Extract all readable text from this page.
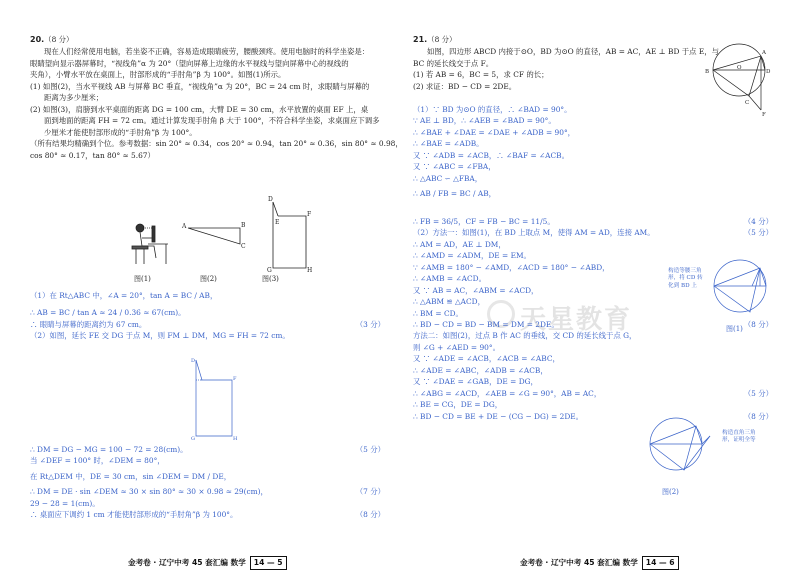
20.（8 分）

现在人们经常使用电脑，若坐姿不正确，容易造成眼睛疲劳，腰酸颈疼。使用电脑时的科学坐姿是：

眼睛望向显示器屏幕时，“视线角”α 为 20°（望向屏幕上边缘的水平视线与望向屏幕中心的视线的

夹角），小臂水平放在桌面上，肘部形成的“手肘角”β 为 100°。如图(1)所示。

(1) 如图(2)，当水平视线 AB 与屏幕 BC 垂直，“视线角”α 为 20°，BC = 24 cm 时，求眼睛与屏幕的

距离为多少厘米；

(2) 如图(3)，肩膀到水平桌面的距离 DG = 100 cm，大臂 DE = 30 cm，水平放置的桌面 EF 上，桌

面到地面的距离 FH = 72 cm。通过计算发现手肘角 β 大于 100°，不符合科学坐姿，求桌面应下调多

少厘米才能使肘部形成的“手肘角”β 为 100°。

（所有结果均精确到个位。参考数据：sin 20° ≈ 0.34，cos 20° ≈ 0.94，tan 20° ≈ 0.36，sin 80° ≈ 0.98，

cos 80° ≈ 0.17，tan 80° ≈ 5.67）

A	B
C
D
E
F
G	H
图(1)	图(2)	图(3)

（1）在 Rt△ABC 中，∠A = 20°，tan A = BC / AB，

∴ AB = BC / tan A ≈ 24 / 0.36 ≈ 67(cm)。

∴ 眼睛与屏幕的距离约为 67 cm。	（3 分）

（2）如图，延长 FE 交 DG 于点 M，则 FM ⊥ DM，MG = FH = 72 cm。

D
F
G	H

∴ DM = DG − MG = 100 − 72 = 28(cm)。	（5 分）

当 ∠DEF = 100° 时，∠DEM = 80°，

在 Rt△DEM 中，DE = 30 cm，sin ∠DEM = DM / DE，

∴ DM = DE · sin ∠DEM ≈ 30 × sin 80° ≈ 30 × 0.98 ≈ 29(cm)，	（7 分）

29 − 28 = 1(cm)。

∴ 桌面应下调约 1 cm 才能使肘部形成的“手肘角”β 为 100°。	（8 分）

金考卷 · 辽宁中考 45 套汇编 数学 14 — 5
天星教育

21.（8 分）

如图，四边形 ABCD 内接于⊙O，BD 为⊙O 的直径，AB = AC，AE ⊥ BD 于点 E，与

BC 的延长线交于点 F。

(1) 若 AB = 6，BC = 5，求 CF 的长；

(2) 求证：BD − CD = 2DE。

B
A
D
C
F
O

（1）∵ BD 为⊙O 的直径，∴ ∠BAD = 90°。

∵ AE ⊥ BD，∴ ∠AEB = ∠BAD = 90°。

∴ ∠BAE + ∠DAE = ∠DAE + ∠ADB = 90°，

∴ ∠BAE = ∠ADB。

又 ∵ ∠ADB = ∠ACB，∴ ∠BAF = ∠ACB。

又 ∵ ∠ABC = ∠FBA，

∴ △ABC ∽ △FBA，

∴ AB / FB = BC / AB，

∴ FB = 36/5，CF = FB − BC = 11/5。	（4 分）

（2）方法一：如图(1)，在 BD 上取点 M，使得 AM = AD，连接 AM。	（5 分）

∴ AM = AD，AE ⊥ DM，

∴ ∠AMD = ∠ADM，DE = EM。

∵ ∠AMB = 180° − ∠AMD，∠ACD = 180° − ∠ABD，

∴ ∠AMB = ∠ACD。

又 ∵ AB = AC，∠ABM = ∠ACD，

∴ △ABM ≌ △ACD，

∴ BM = CD。

∴ BD − CD = BD − BM = DM = 2DE。	（8 分）

方法二：如图(2)，过点 B 作 AC 的垂线，交 CD 的延长线于点 G，

则 ∠G + ∠AED = 90°。

又 ∵ ∠ADE = ∠ACB，∠ACB = ∠ABC，

∴ ∠ADE = ∠ABC，∠ADB = ∠ACB，

又 ∵ ∠DAE = ∠GAB，DE = DG，

∴ ∠ABG = ∠ACD，∠AEB = ∠G = 90°，AB = AC，	（5 分）

∴ BE = CG，DE = DG，

∴ BD − CD = BE + DE − (CG − DG) = 2DE。	（8 分）

图(1)
构造等腰三角形，将 CD 转化到 BD 上
图(2)
构造直角三角形，证明全等
金考卷 · 辽宁中考 45 套汇编 数学 14 — 6
